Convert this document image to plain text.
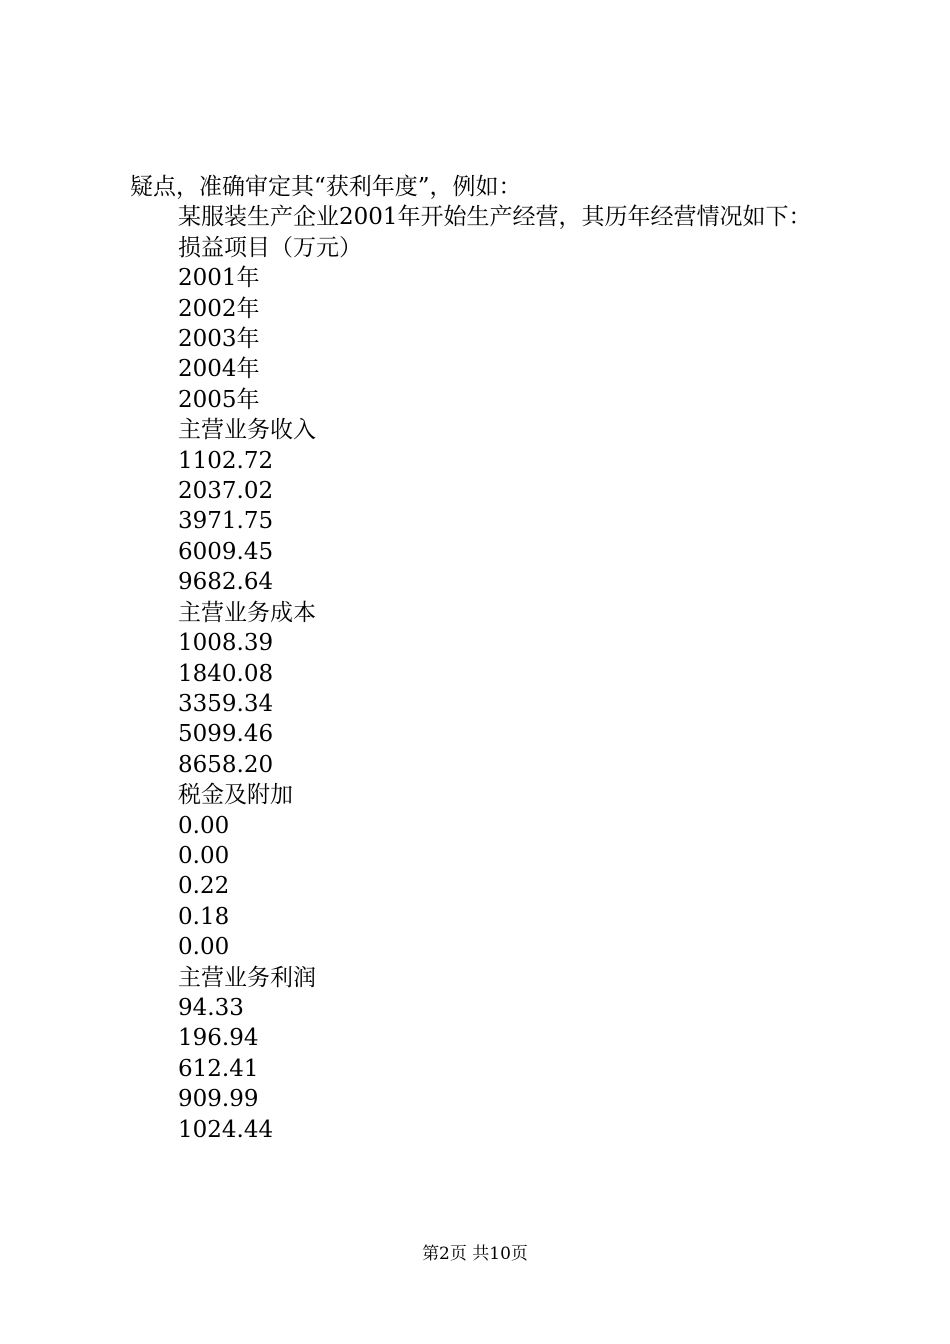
疑点，准确审定其“获利年度”，例如：

某服装生产企业2001年开始生产经营，其历年经营情况如下：

损益项目（万元）
2001年
2002年
2003年
2004年
2005年
主营业务收入
1102.72
2037.02
3971.75
6009.45
9682.64
主营业务成本
1008.39
1840.08
3359.34
5099.46
8658.20
税金及附加
0.00
0.00
0.22
0.18
0.00
主营业务利润
94.33
196.94
612.41
909.99
1024.44
第2页 共10页
